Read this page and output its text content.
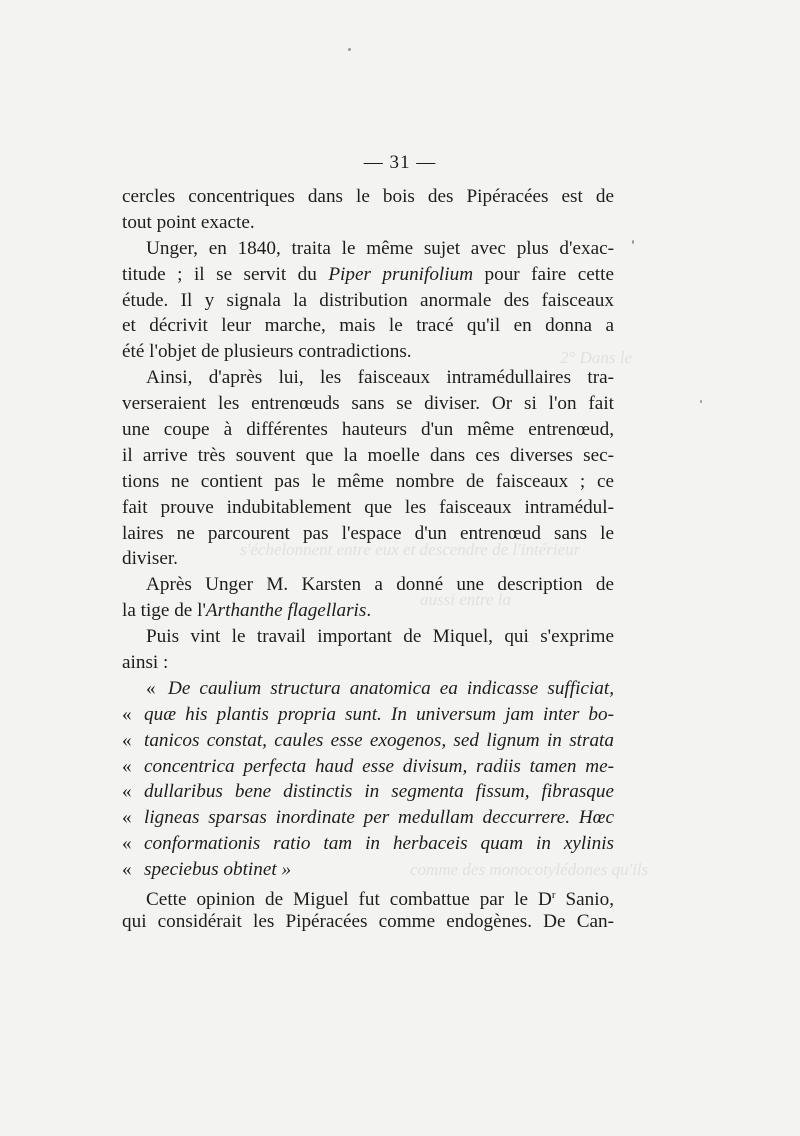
2° Dans le
s'échelonnent entre eux et descendre de l'intérieur
aussi entre la
comme des monocotylédones qu'ils
— 31 —
cercles concentriques dans le bois des Pipéracées est de
tout point exacte.
Unger, en 1840, traita le même sujet avec plus d'exac-
titude ; il se servit du Piper prunifolium pour faire cette
étude. Il y signala la distribution anormale des faisceaux
et décrivit leur marche, mais le tracé qu'il en donna a
été l'objet de plusieurs contradictions.
Ainsi, d'après lui, les faisceaux intramédullaires tra-
verseraient les entrenœuds sans se diviser. Or si l'on fait
une coupe à différentes hauteurs d'un même entrenœud,
il arrive très souvent que la moelle dans ces diverses sec-
tions ne contient pas le même nombre de faisceaux ; ce
fait prouve indubitablement que les faisceaux intramédul-
laires ne parcourent pas l'espace d'un entrenœud sans le
diviser.
Après Unger M. Karsten a donné une description de
la tige de l'Arthanthe flagellaris.
Puis vint le travail important de Miquel, qui s'exprime
ainsi :
« De caulium structura anatomica ea indicasse sufficiat,
« quæ his plantis propria sunt. In universum jam inter bo-
« tanicos constat, caules esse exogenos, sed lignum in strata
« concentrica perfecta haud esse divisum, radiis tamen me-
« dullaribus bene distinctis in segmenta fissum, fibrasque
« ligneas sparsas inordinate per medullam deccurrere. Hœc
« conformationis ratio tam in herbaceis quam in xylinis
« speciebus obtinet »
Cette opinion de Miguel fut combattue par le $D^r$ Sanio,
qui considérait les Pipéracées comme endogènes. De Can-
